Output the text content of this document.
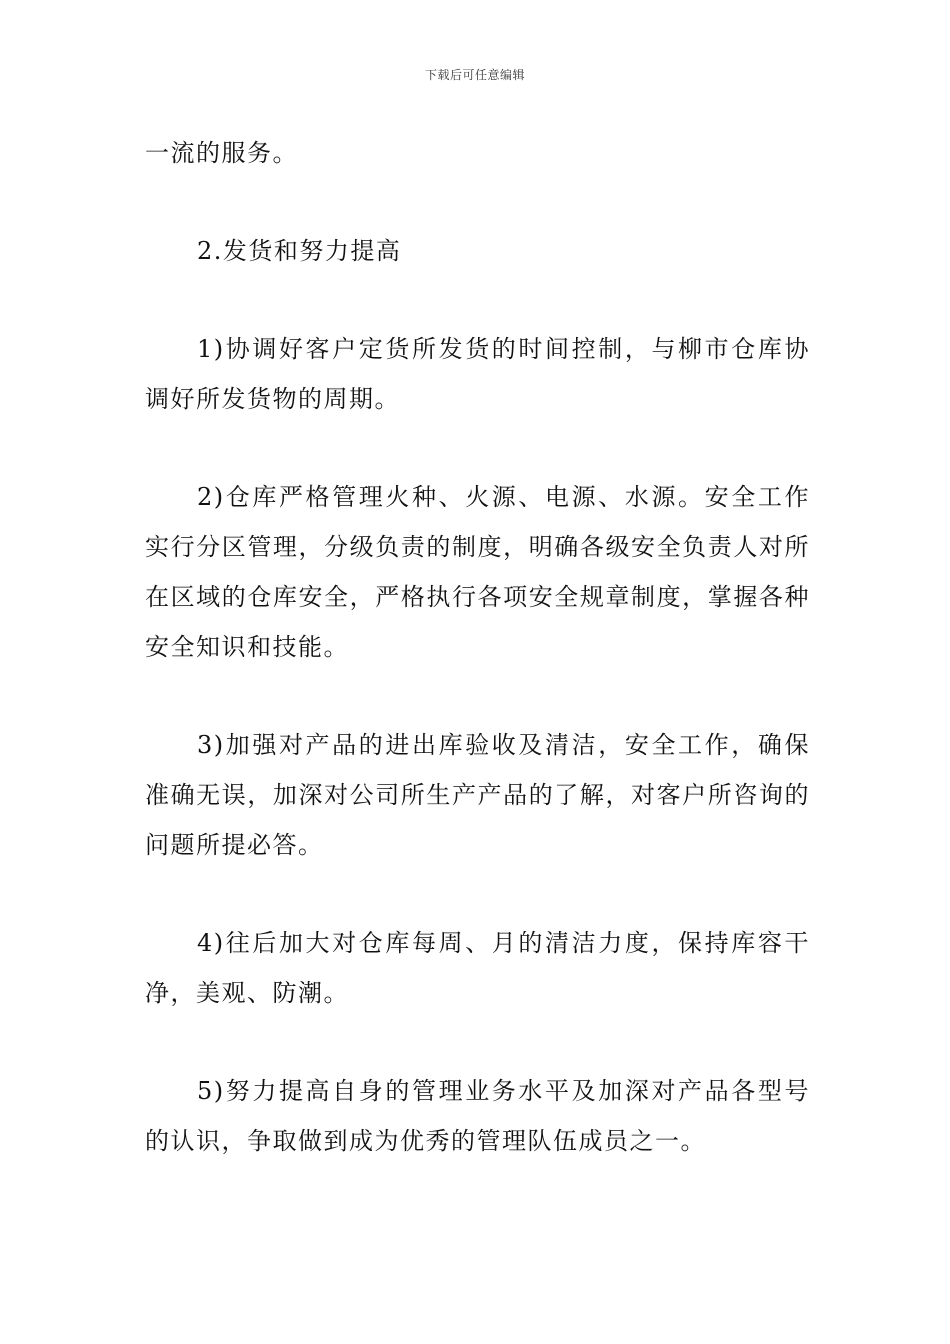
下载后可任意编辑

一流的服务。

2.发货和努力提高

1)协调好客户定货所发货的时间控制，与柳市仓库协调好所发货物的周期。

2)仓库严格管理火种、火源、电源、水源。安全工作实行分区管理，分级负责的制度，明确各级安全负责人对所在区域的仓库安全，严格执行各项安全规章制度，掌握各种安全知识和技能。

3)加强对产品的进出库验收及清洁，安全工作，确保准确无误，加深对公司所生产产品的了解，对客户所咨询的问题所提必答。

4)往后加大对仓库每周、月的清洁力度，保持库容干净，美观、防潮。

5)努力提高自身的管理业务水平及加深对产品各型号的认识，争取做到成为优秀的管理队伍成员之一。
